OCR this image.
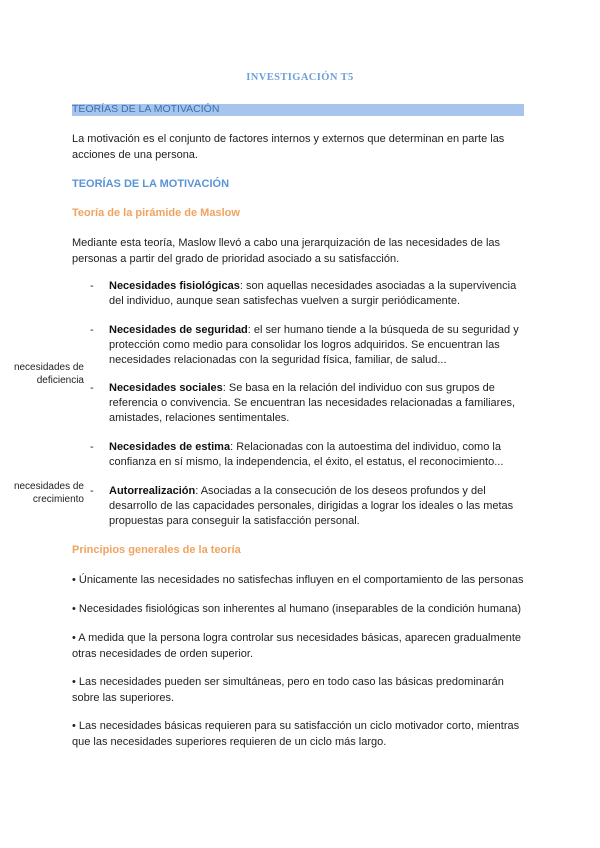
INVESTIGACIÓN T5
TEORÍAS DE LA MOTIVACIÓN
La motivación es el conjunto de factores internos y externos que determinan en parte las acciones de una persona.
TEORÍAS DE LA MOTIVACIÓN
Teoría de la pirámide de Maslow
Mediante esta teoría, Maslow llevó a cabo una jerarquización de las necesidades de las personas a partir del grado de prioridad asociado a su satisfacción.
- Necesidades fisiológicas: son aquellas necesidades asociadas a la supervivencia del individuo, aunque sean satisfechas vuelven a surgir periódicamente.
- Necesidades de seguridad: el ser humano tiende a la búsqueda de su seguridad y protección como medio para consolidar los logros adquiridos. Se encuentran las necesidades relacionadas con la seguridad física, familiar, de salud...
necesidades de deficiencia
- Necesidades sociales: Se basa en la relación del individuo con sus grupos de referencia o convivencia. Se encuentran las necesidades relacionadas a familiares, amistades, relaciones sentimentales.
- Necesidades de estima: Relacionadas con la autoestima del individuo, como la confianza en sí mismo, la independencia, el éxito, el estatus, el reconocimiento...
necesidades de crecimiento
- Autorrealización: Asociadas a la consecución de los deseos profundos y del desarrollo de las capacidades personales, dirigidas a lograr los ideales o las metas propuestas para conseguir la satisfacción personal.
Principios generales de la teoría
• Únicamente las necesidades no satisfechas influyen en el comportamiento de las personas
• Necesidades fisiológicas son inherentes al humano (inseparables de la condición humana)
• A medida que la persona logra controlar sus necesidades básicas, aparecen gradualmente otras necesidades de orden superior.
• Las necesidades pueden ser simultáneas, pero en todo caso las básicas predominarán sobre las superiores.
• Las necesidades básicas requieren para su satisfacción un ciclo motivador corto, mientras que las necesidades superiores requieren de un ciclo más largo.
